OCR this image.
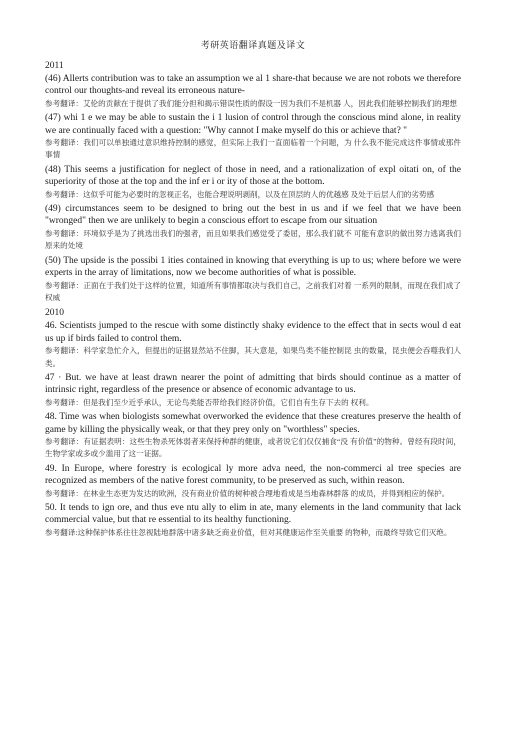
考研英语翻译真题及译文
2011

(46) Allerts contribution was to take an assumption we al 1 share-that because we are not robots we therefore control our thoughts-and reveal its erroneous nature-

参考翻译：艾伦的贡献在于提供了我们能分担和揭示错误性质的假设一因为我们不是机器 人，因此我们能够控制我们的理想

(47) whi 1 e we may be able to sustain the i 1 lusion of control through the conscious mind alone, in reality we are continually faced with a question: "Why cannot I make myself do this or achieve that? "

参考翻译：我们可以单独通过意识维持控制的感觉，但实际上我们一直面临着一个问题，为 什么我不能完成这件事情或那件事情

(48) This seems a justification for neglect of those in need, and a rationalization of expl oitati on, of the superiority of those at the top and the inf er i or ity of those at the bottom.

参考翻译：这似乎可能为必要时的忽视正名，也能合理说明剥削，以及在顶层的人的优越感 及处于后层人们的劣势感

(49) circumstances seem to be designed to bring out the best in us and if we feel that we have been "wronged" then we are unlikely to begin a conscious effort to escape from our situation

参考翻译：环境似乎是为了挑选出我们的强者，而且如果我们感觉受了委屈，那么我们就不 可能有意识的做出努力逃离我们原来的处境

(50) The upside is the possibi 1 ities contained in knowing that everything is up to us; where before we were experts in the array of limitations, now we become authorities of what is possible.

参考翻译：正面在于我们处于这样的位置，知道所有事情都取决与我们自己，之前我们对着 一系列的限制，而现在我们成了权威

2010

46. Scientists jumped to the rescue with some distinctly shaky evidence to the effect that in sects woul d eat us up if birds failed to control them.

参考翻译：科学家急忙介入，但提出的证据显然站不住脚，其大意是，如果鸟类不能控制昆 虫的数量，昆虫便会吞噬我们人类。

47 · But. we have at least drawn nearer the point of admitting that birds should continue as a matter of intrinsic right, regardless of the presence or absence of economic advantage to us.

参考翻译：但是我们至少近乎承认，无论鸟类能否带给我们经济价值，它们自有生存下去的 权利。

48. Time was when biologists somewhat overworked the evidence that these creatures preserve the health of game by killing the physically weak, or that they prey only on "worthless" species.

参考翻译：有证据表明：这些生物杀死体弱者来保持种群的健康，或者说它们仅仅捕食“没 有价值”的物种。曾经有段时间，生物学家或多或少滥用了这一证据。

49. In Europe, where forestry is ecological ly more adva need, the non-commerci al tree species are recognized as members of the native forest community, to be preserved as such, within reason.

参考翻译：在林业生态更为发达的欧洲，没有商业价值的树种被合理地看成是当地森林群落 的成员，并得到相应的保护。

50. It tends to ign ore, and thus eve ntu ally to elim in ate, many elements in the land community that lack commercial value, but that re essential to its healthy functioning.

参考翻译:这种保护体系往往忽视陆地群落中诸多缺乏商业价值，但对其健康运作至关重要 的物种，而最终导致它们灭绝。
